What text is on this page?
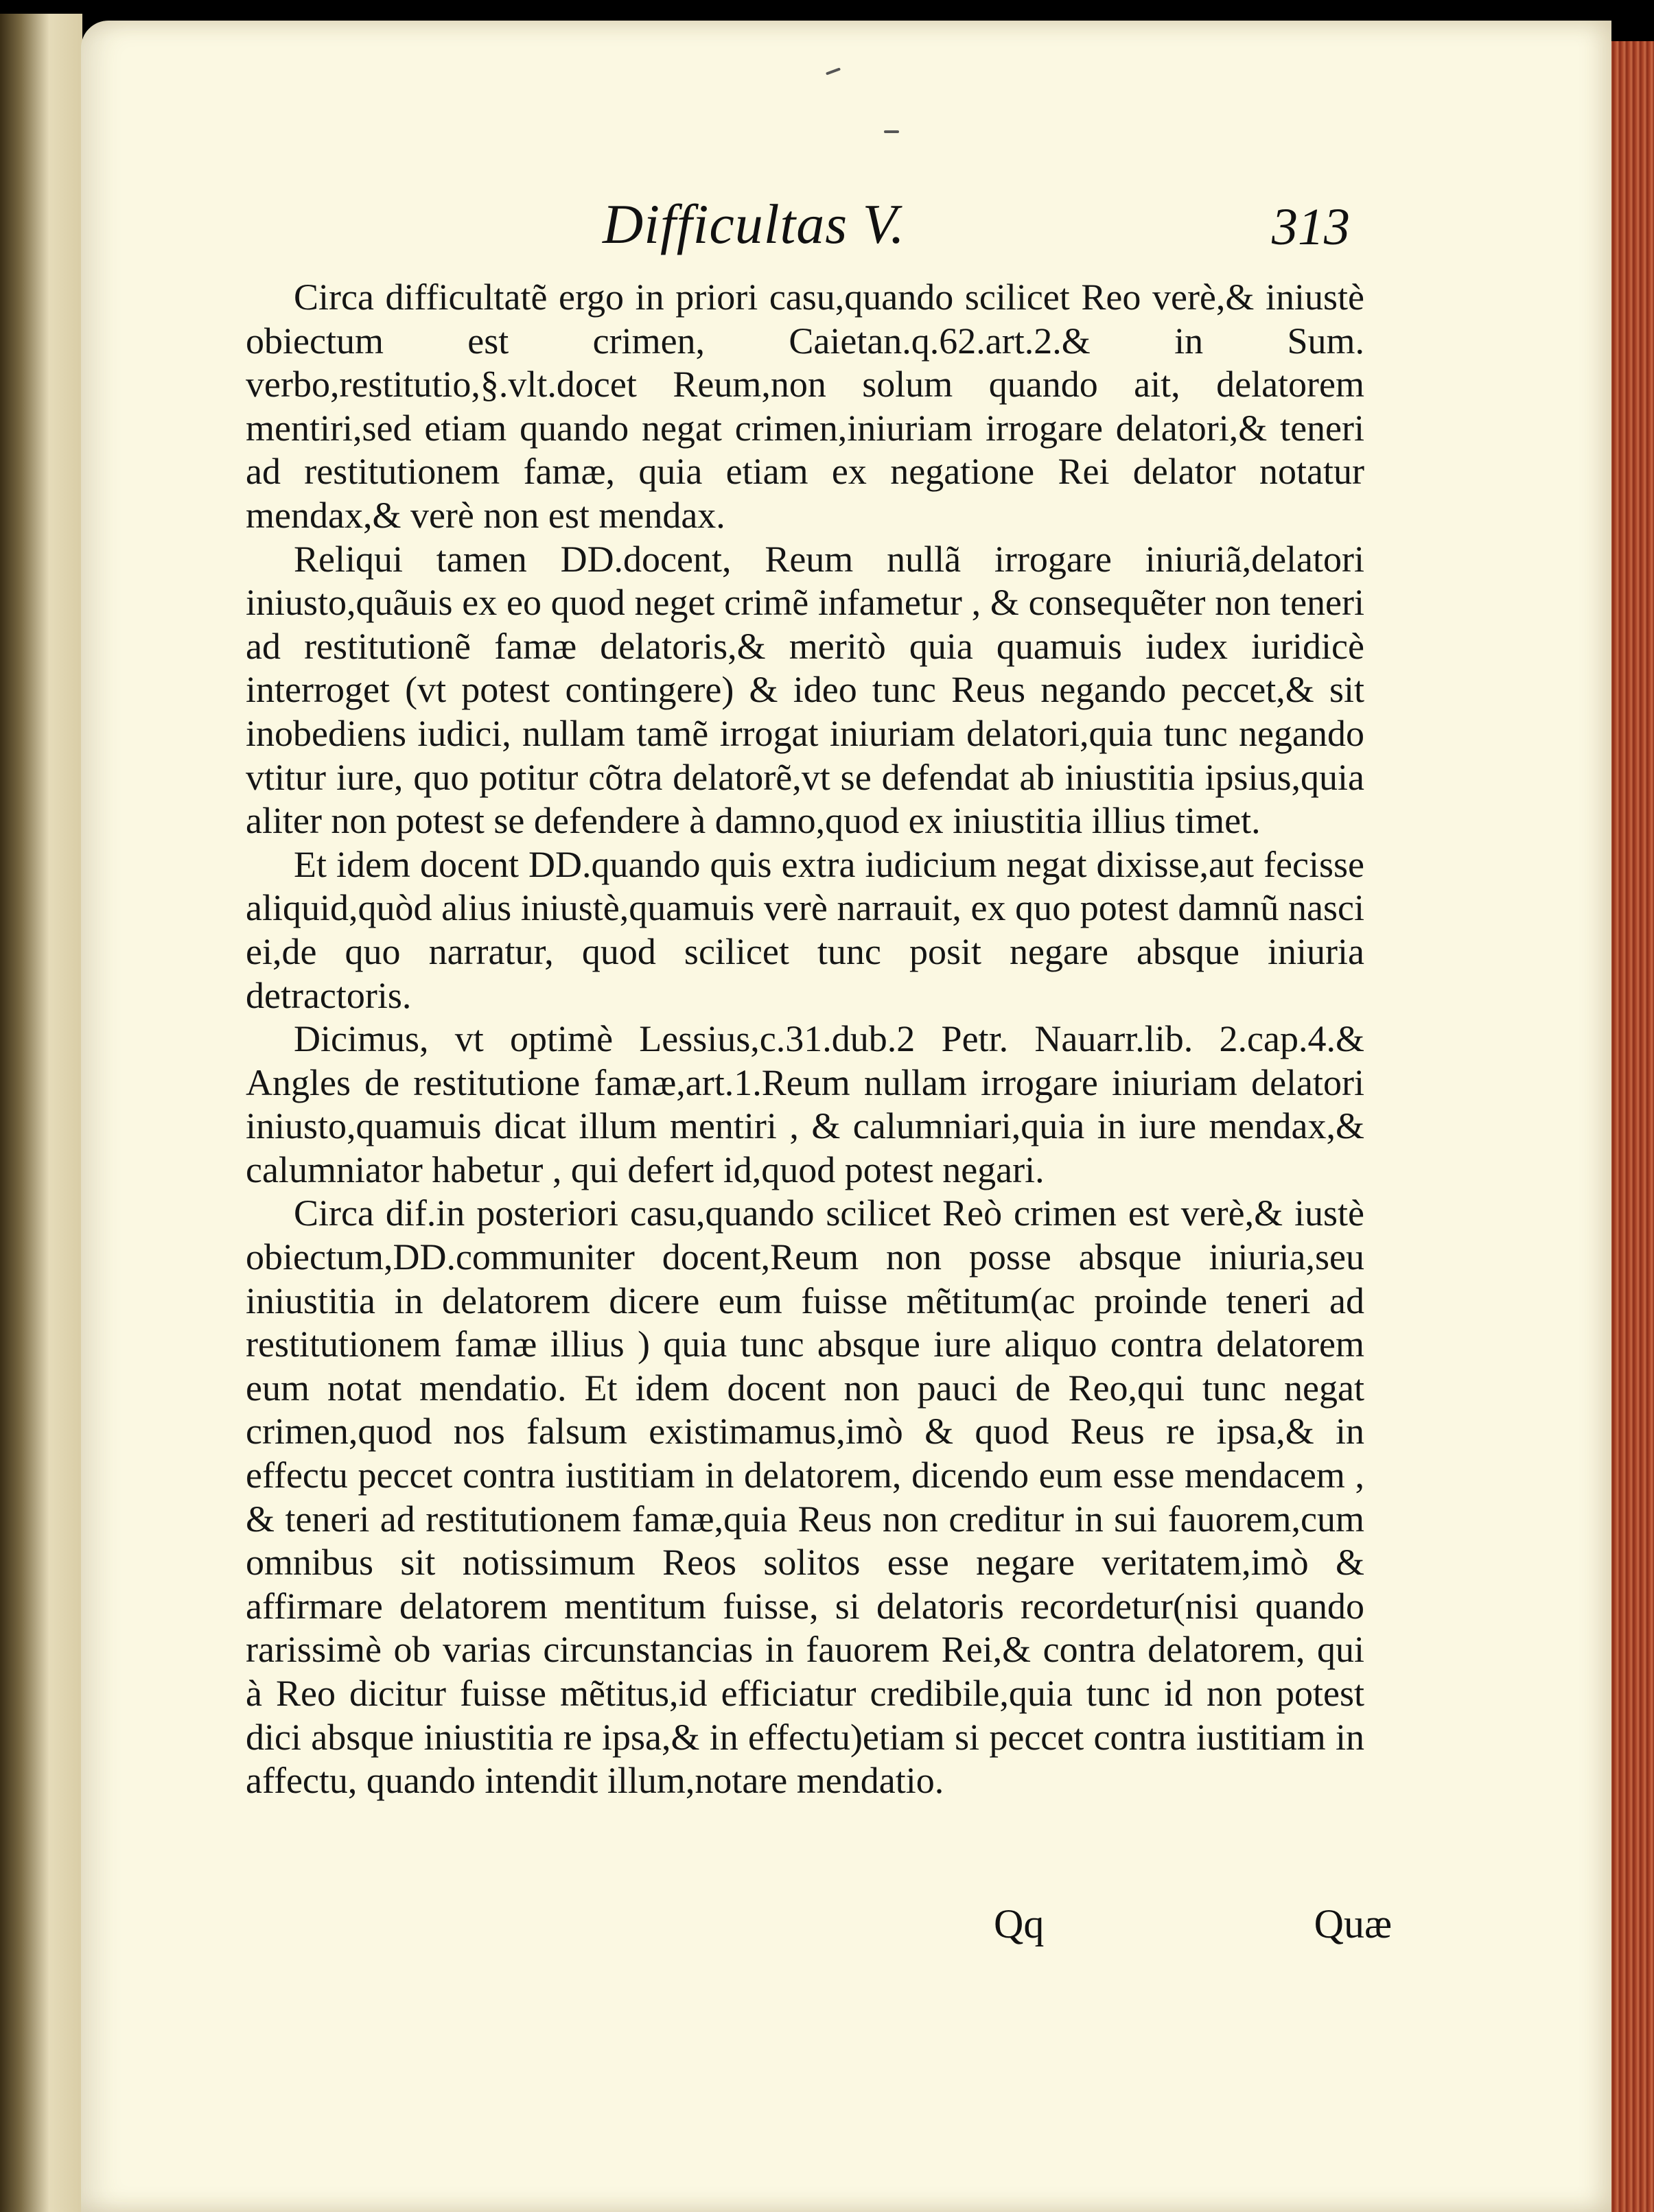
Difficultas V.	313

Circa difficultatẽ ergo in priori casu,quando scilicet Reo verè,& iniustè obiectum est crimen, Caietan.q.62.art.2.& in Sum. verbo,restitutio,§.vlt.docet Reum,non solum quando ait, delatorem mentiri,sed etiam quando negat crimen,iniuriam irrogare delatori,& teneri ad restitutionem famæ, quia etiam ex negatione Rei delator notatur mendax,& verè non est mendax.

Reliqui tamen DD.docent, Reum nullã irrogare iniuriã,delatori iniusto,quãuis ex eo quod neget crimẽ infametur , & consequẽter non teneri ad restitutionẽ famæ delatoris,& meritò quia quamuis iudex iuridicè interroget (vt potest contingere) & ideo tunc Reus negando peccet,& sit inobediens iudici, nullam tamẽ irrogat iniuriam delatori,quia tunc negando vtitur iure, quo potitur cõtra delatorẽ,vt se defendat ab iniustitia ipsius,quia aliter non potest se defendere à damno,quod ex iniustitia illius timet.

Et idem docent DD.quando quis extra iudicium negat dixisse,aut fecisse aliquid,quòd alius iniustè,quamuis verè narrauit, ex quo potest damnũ nasci ei,de quo narratur, quod scilicet tunc posit negare absque iniuria detractoris.

Dicimus, vt optimè Lessius,c.31.dub.2 Petr. Nauarr.lib. 2.cap.4.& Angles de restitutione famæ,art.1.Reum nullam irrogare iniuriam delatori iniusto,quamuis dicat illum mentiri , & calumniari,quia in iure mendax,& calumniator habetur , qui defert id,quod potest negari.

Circa dif.in posteriori casu,quando scilicet Reò crimen est verè,& iustè obiectum,DD.communiter docent,Reum non posse absque iniuria,seu iniustitia in delatorem dicere eum fuisse mẽtitum(ac proinde teneri ad restitutionem famæ illius ) quia tunc absque iure aliquo contra delatorem eum notat mendatio. Et idem docent non pauci de Reo,qui tunc negat crimen,quod nos falsum existimamus,imò & quod Reus re ipsa,& in effectu peccet contra iustitiam in delatorem, dicendo eum esse mendacem , & teneri ad restitutionem famæ,quia Reus non creditur in sui fauorem,cum omnibus sit notissimum Reos solitos esse negare veritatem,imò & affirmare delatorem mentitum fuisse, si delatoris recordetur(nisi quando rarissimè ob varias circunstancias in fauorem Rei,& contra delatorem, qui à Reo dicitur fuisse mẽtitus,id efficiatur credibile,quia tunc id non potest dici absque iniustitia re ipsa,& in effectu)etiam si peccet contra iustitiam in affectu, quando intendit illum,notare mendatio.

Qq	Quæ
